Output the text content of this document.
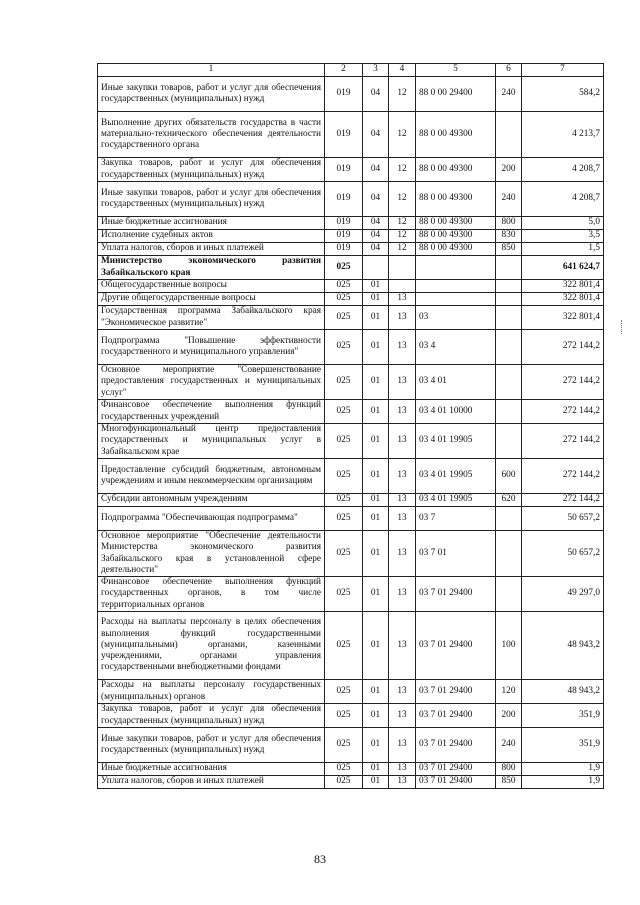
1	2	3	4	5	6	7
Иные закупки товаров, работ и услуг для обеспечения государственных (муниципальных) нужд	019	04	12	88 0 00 29400	240	584,2
Выполнение других обязательств государства в части материально-технического обеспечения деятельности государственного органа	019	04	12	88 0 00 49300		4 213,7
Закупка товаров, работ и услуг для обеспечения государственных (муниципальных) нужд	019	04	12	88 0 00 49300	200	4 208,7
Иные закупки товаров, работ и услуг для обеспечения государственных (муниципальных) нужд	019	04	12	88 0 00 49300	240	4 208,7
Иные бюджетные ассигнования	019	04	12	88 0 00 49300	800	5,0
Исполнение судебных актов	019	04	12	88 0 00 49300	830	3,5
Уплата налогов, сборов и иных платежей	019	04	12	88 0 00 49300	850	1,5
Министерство экономического развития Забайкальского края	025					641 624,7
Общегосударственные вопросы	025	01				322 801,4
Другие общегосударственные вопросы	025	01	13			322 801,4
Государственная программа Забайкальского края "Экономическое развитие"	025	01	13	03		322 801,4
Подпрограмма "Повышение эффективности государственного и муниципального управления"	025	01	13	03 4		272 144,2
Основное мероприятие "Совершенствование предоставления государственных и муниципальных услуг"	025	01	13	03 4 01		272 144,2
Финансовое обеспечение выполнения функций государственных учреждений	025	01	13	03 4 01 10000		272 144,2
Многофункциональный центр предоставления государственных и муниципальных услуг в Забайкальском крае	025	01	13	03 4 01 19905		272 144,2
Предоставление субсидий бюджетным, автономным учреждениям и иным некоммерческим организациям	025	01	13	03 4 01 19905	600	272 144,2
Субсидии автономным учреждениям	025	01	13	03 4 01 19905	620	272 144,2
Подпрограмма "Обеспечивающая подпрограмма"	025	01	13	03 7		50 657,2
Основное мероприятие "Обеспечение деятельности Министерства экономического развития Забайкальского края в установленной сфере деятельности"	025	01	13	03 7 01		50 657,2
Финансовое обеспечение выполнения функций государственных органов, в том числе территориальных органов	025	01	13	03 7 01 29400		49 297,0
Расходы на выплаты персоналу в целях обеспечения выполнения функций государственными (муниципальными) органами, казенными учреждениями, органами управления государственными внебюджетными фондами	025	01	13	03 7 01 29400	100	48 943,2
Расходы на выплаты персоналу государственных (муниципальных) органов	025	01	13	03 7 01 29400	120	48 943,2
Закупка товаров, работ и услуг для обеспечения государственных (муниципальных) нужд	025	01	13	03 7 01 29400	200	351,9
Иные закупки товаров, работ и услуг для обеспечения государственных (муниципальных) нужд	025	01	13	03 7 01 29400	240	351,9
Иные бюджетные ассигнования	025	01	13	03 7 01 29400	800	1,9
Уплата налогов, сборов и иных платежей	025	01	13	03 7 01 29400	850	1,9
83
